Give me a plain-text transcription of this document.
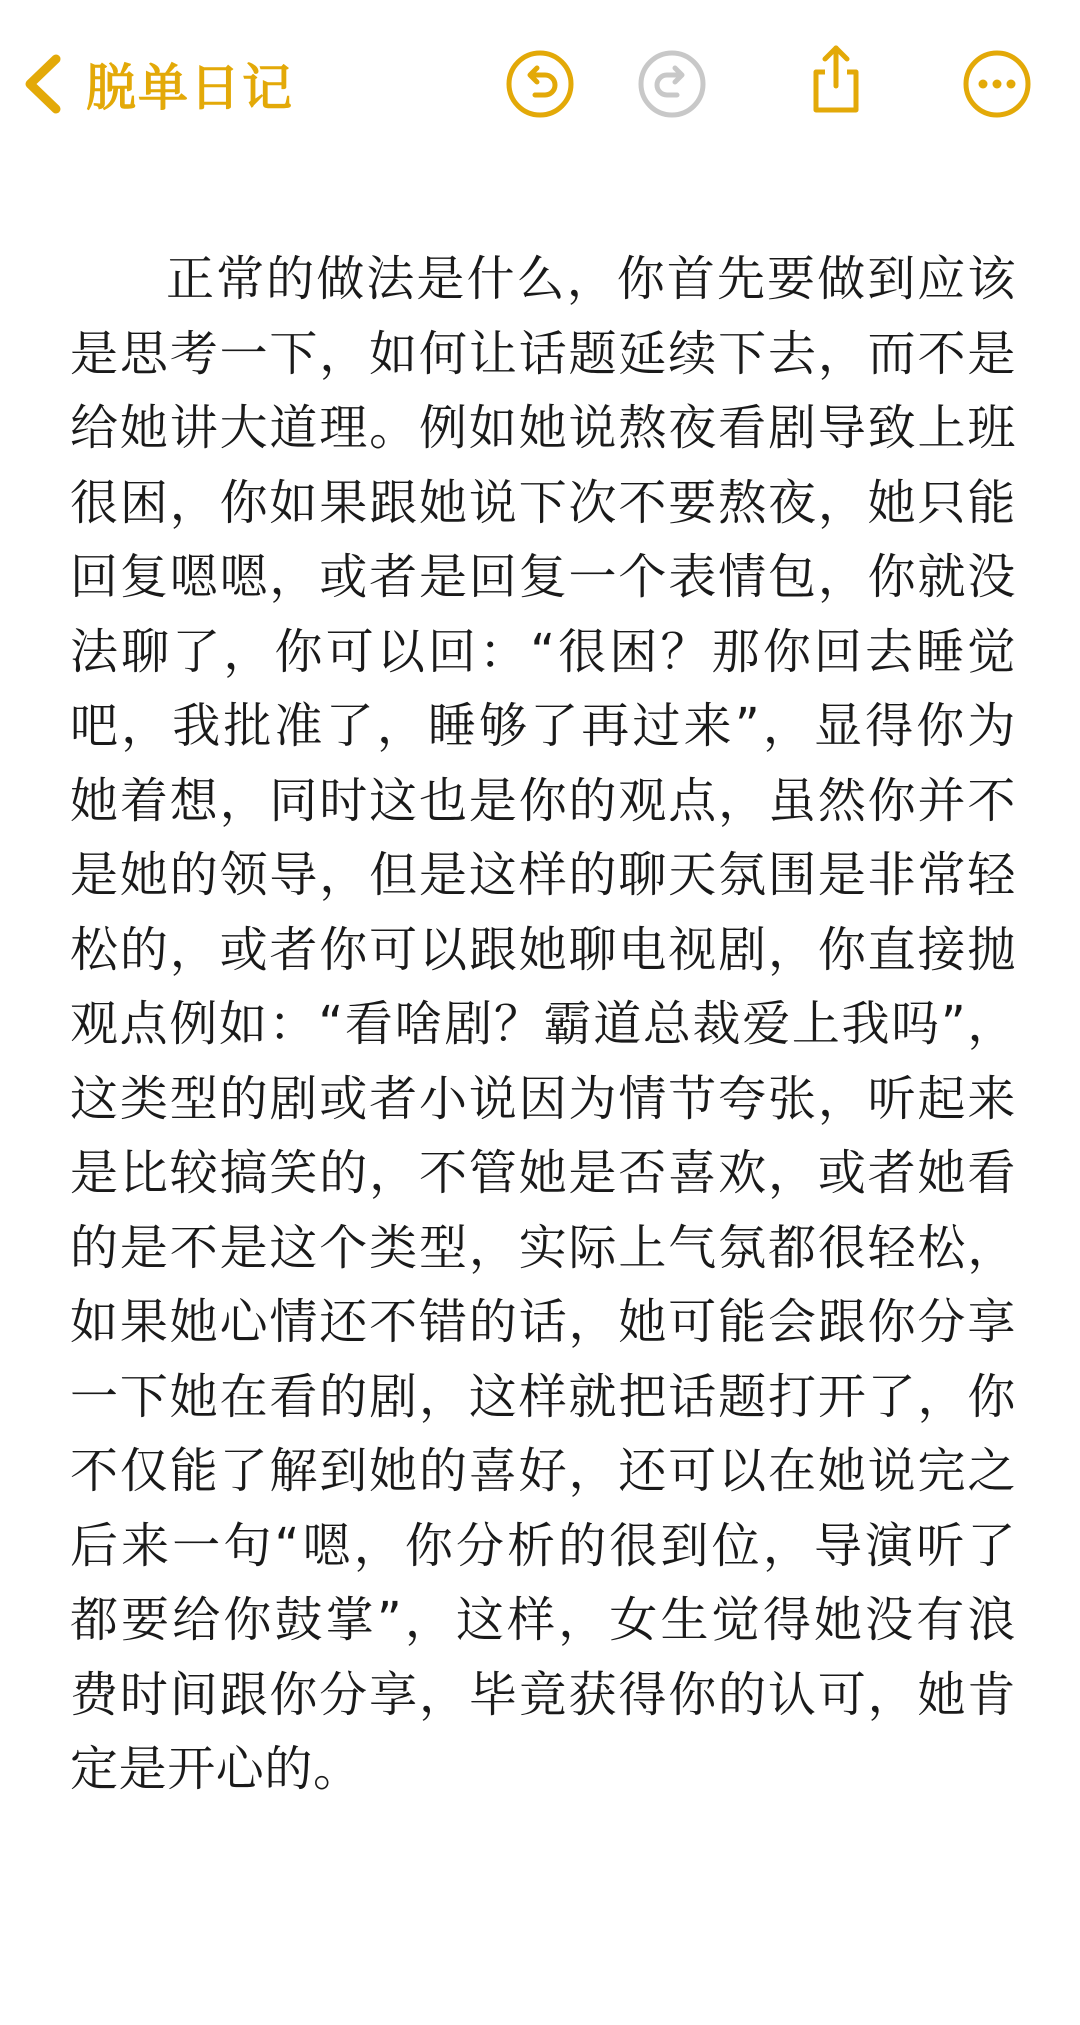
脱单日记

正常的做法是什么，你首先要做到应该是思考一下，如何让话题延续下去，而不是给她讲大道理。例如她说熬夜看剧导致上班很困，你如果跟她说下次不要熬夜，她只能回复嗯嗯，或者是回复一个表情包，你就没法聊了，你可以回：“很困？那你回去睡觉吧，我批准了，睡够了再过来”，显得你为她着想，同时这也是你的观点，虽然你并不是她的领导，但是这样的聊天氛围是非常轻松的，或者你可以跟她聊电视剧，你直接抛观点例如：“看啥剧？霸道总裁爱上我吗”，这类型的剧或者小说因为情节夸张，听起来是比较搞笑的，不管她是否喜欢，或者她看的是不是这个类型，实际上气氛都很轻松，如果她心情还不错的话，她可能会跟你分享一下她在看的剧，这样就把话题打开了，你不仅能了解到她的喜好，还可以在她说完之后来一句“嗯，你分析的很到位，导演听了都要给你鼓掌”，这样，女生觉得她没有浪费时间跟你分享，毕竟获得你的认可，她肯定是开心的。
